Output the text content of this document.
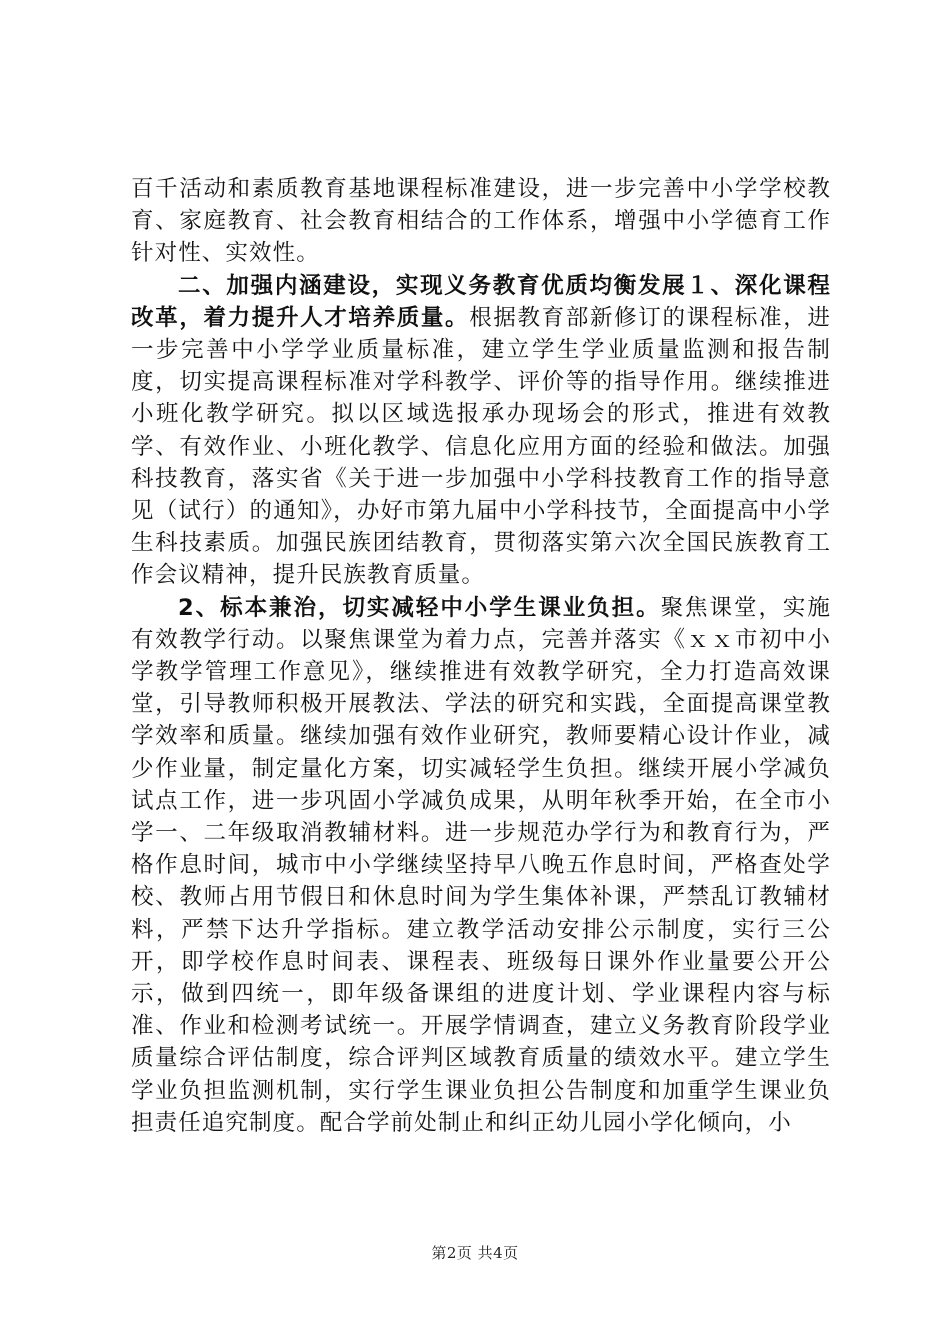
百千活动和素质教育基地课程标准建设，进一步完善中小学学校教育、家庭教育、社会教育相结合的工作体系，增强中小学德育工作针对性、实效性。

二、加强内涵建设，实现义务教育优质均衡发展１、深化课程改革，着力提升人才培养质量。根据教育部新修订的课程标准，进一步完善中小学学业质量标准，建立学生学业质量监测和报告制度，切实提高课程标准对学科教学、评价等的指导作用。继续推进小班化教学研究。拟以区域选报承办现场会的形式，推进有效教学、有效作业、小班化教学、信息化应用方面的经验和做法。加强科技教育，落实省《关于进一步加强中小学科技教育工作的指导意见（试行）的通知》，办好市第九届中小学科技节，全面提高中小学生科技素质。加强民族团结教育，贯彻落实第六次全国民族教育工作会议精神，提升民族教育质量。

2、标本兼治，切实减轻中小学生课业负担。聚焦课堂，实施有效教学行动。以聚焦课堂为着力点，完善并落实《ｘｘ市初中小学教学管理工作意见》，继续推进有效教学研究，全力打造高效课堂，引导教师积极开展教法、学法的研究和实践，全面提高课堂教学效率和质量。继续加强有效作业研究，教师要精心设计作业，减少作业量，制定量化方案，切实减轻学生负担。继续开展小学减负试点工作，进一步巩固小学减负成果，从明年秋季开始，在全市小学一、二年级取消教辅材料。进一步规范办学行为和教育行为，严格作息时间，城市中小学继续坚持早八晚五作息时间，严格查处学校、教师占用节假日和休息时间为学生集体补课，严禁乱订教辅材料，严禁下达升学指标。建立教学活动安排公示制度，实行三公开，即学校作息时间表、课程表、班级每日课外作业量要公开公示，做到四统一，即年级备课组的进度计划、学业课程内容与标准、作业和检测考试统一。开展学情调查，建立义务教育阶段学业质量综合评估制度，综合评判区域教育质量的绩效水平。建立学生学业负担监测机制，实行学生课业负担公告制度和加重学生课业负担责任追究制度。配合学前处制止和纠正幼儿园小学化倾向，小

第2页 共4页
